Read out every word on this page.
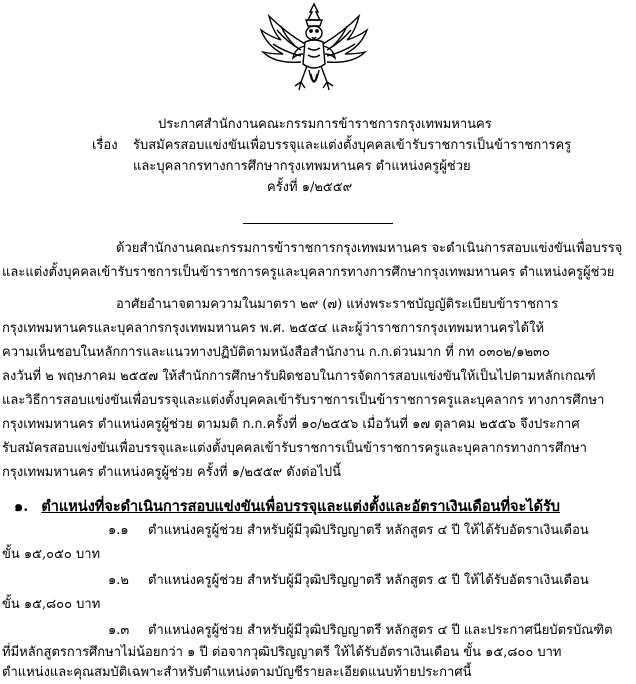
ประกาศสำนักงานคณะกรรมการข้าราชการกรุงเทพมหานคร
เรื่อง รับสมัครสอบแข่งขันเพื่อบรรจุและแต่งตั้งบุคคลเข้ารับราชการเป็นข้าราชการครู
และบุคลากรทางการศึกษากรุงเทพมหานคร ตำแหน่งครูผู้ช่วย
ครั้งที่ ๑/๒๕๕๙
ด้วยสำนักงานคณะกรรมการข้าราชการกรุงเทพมหานคร จะดำเนินการสอบแข่งขันเพื่อบรรจุ
และแต่งตั้งบุคคลเข้ารับราชการเป็นข้าราชการครูและบุคลากรทางการศึกษากรุงเทพมหานคร ตำแหน่งครูผู้ช่วย
อาศัยอำนาจตามความในมาตรา ๒๙ (๗) แห่งพระราชบัญญัติระเบียบข้าราชการ
กรุงเทพมหานครและบุคลากรกรุงเทพมหานคร พ.ศ. ๒๕๕๔ และผู้ว่าราชการกรุงเทพมหานครได้ให้
ความเห็นชอบในหลักการและแนวทางปฏิบัติตามหนังสือสำนักงาน ก.ก.ด่วนมาก ที่ กท ๐๓๐๒/๑๒๓๐
ลงวันที่ ๒ พฤษภาคม ๒๕๕๗ ให้สำนักการศึกษารับผิดชอบในการจัดการสอบแข่งขันให้เป็นไปตามหลักเกณฑ์
และวิธีการสอบแข่งขันเพื่อบรรจุและแต่งตั้งบุคคลเข้ารับราชการเป็นข้าราชการครูและบุคลากร ทางการศึกษา
กรุงเทพมหานคร ตำแหน่งครูผู้ช่วย ตามมติ ก.ก.ครั้งที่ ๑๐/๒๕๕๖ เมื่อวันที่ ๑๗ ตุลาคม ๒๕๕๖ จึงประกาศ
รับสมัครสอบแข่งขันเพื่อบรรจุและแต่งตั้งบุคคลเข้ารับราชการเป็นข้าราชการครูและบุคลากรทางการศึกษา
กรุงเทพมหานคร ตำแหน่งครูผู้ช่วย ครั้งที่ ๑/๒๕๕๙ ดังต่อไปนี้
๑. ตำแหน่งที่จะดำเนินการสอบแข่งขันเพื่อบรรจุและแต่งตั้งและอัตราเงินเดือนที่จะได้รับ
๑.๑ ตำแหน่งครูผู้ช่วย สำหรับผู้มีวุฒิปริญญาตรี หลักสูตร ๔ ปี ให้ได้รับอัตราเงินเดือน
ขั้น ๑๕,๐๕๐ บาท
๑.๒ ตำแหน่งครูผู้ช่วย สำหรับผู้มีวุฒิปริญญาตรี หลักสูตร ๕ ปี ให้ได้รับอัตราเงินเดือน
ขั้น ๑๕,๘๐๐ บาท
๑.๓ ตำแหน่งครูผู้ช่วย สำหรับผู้มีวุฒิปริญญาตรี หลักสูตร ๔ ปี และประกาศนียบัตรบัณฑิต
ที่มีหลักสูตรการศึกษาไม่น้อยกว่า ๑ ปี ต่อจากวุฒิปริญญาตรี ให้ได้รับอัตราเงินเดือน ขั้น ๑๕,๘๐๐ บาท
ตำแหน่งและคุณสมบัติเฉพาะสำหรับตำแหน่งตามบัญชีรายละเอียดแนบท้ายประกาศนี้
